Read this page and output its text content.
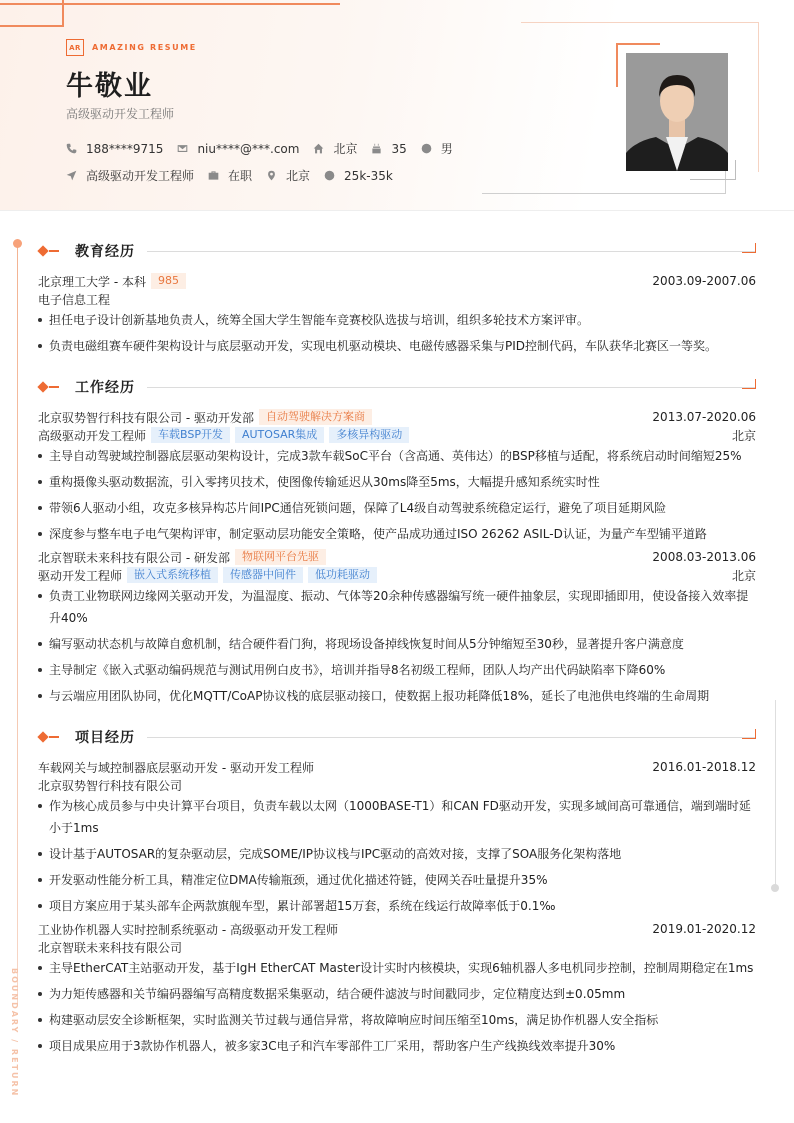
AR	AMAZING RESUME
牛敬业
高级驱动开发工程师
188****9715	niu****@***.com	北京	35	男
高级驱动开发工程师	在职	北京	25k-35k
BOUNDARY / RETURN
教育经历
北京理工大学 - 本科	985	2003.09-2007.06
电子信息工程
担任电子设计创新基地负责人，统筹全国大学生智能车竞赛校队选拔与培训，组织多轮技术方案评审。
负责电磁组赛车硬件架构设计与底层驱动开发，实现电机驱动模块、电磁传感器采集与PID控制代码，车队获华北赛区一等奖。
工作经历
北京驭势智行科技有限公司 - 驱动开发部	自动驾驶解决方案商	2013.07-2020.06
高级驱动开发工程师	车载BSP开发	AUTOSAR集成	多核异构驱动	北京
主导自动驾驶域控制器底层驱动架构设计，完成3款车载SoC平台（含高通、英伟达）的BSP移植与适配，将系统启动时间缩短25%
重构摄像头驱动数据流，引入零拷贝技术，使图像传输延迟从30ms降至5ms，大幅提升感知系统实时性
带领6人驱动小组，攻克多核异构芯片间IPC通信死锁问题，保障了L4级自动驾驶系统稳定运行，避免了项目延期风险
深度参与整车电子电气架构评审，制定驱动层功能安全策略，使产品成功通过ISO 26262 ASIL-D认证，为量产车型铺平道路
北京智联未来科技有限公司 - 研发部	物联网平台先驱	2008.03-2013.06
驱动开发工程师	嵌入式系统移植	传感器中间件	低功耗驱动	北京
负责工业物联网边缘网关驱动开发，为温湿度、振动、气体等20余种传感器编写统一硬件抽象层，实现即插即用，使设备接入效率提升40%
编写驱动状态机与故障自愈机制，结合硬件看门狗，将现场设备掉线恢复时间从5分钟缩短至30秒，显著提升客户满意度
主导制定《嵌入式驱动编码规范与测试用例白皮书》，培训并指导8名初级工程师，团队人均产出代码缺陷率下降60%
与云端应用团队协同，优化MQTT/CoAP协议栈的底层驱动接口，使数据上报功耗降低18%，延长了电池供电终端的生命周期
项目经历
车载网关与域控制器底层驱动开发 - 驱动开发工程师	2016.01-2018.12
北京驭势智行科技有限公司
作为核心成员参与中央计算平台项目，负责车载以太网（1000BASE-T1）和CAN FD驱动开发，实现多域间高可靠通信，端到端时延小于1ms
设计基于AUTOSAR的复杂驱动层，完成SOME/IP协议栈与IPC驱动的高效对接，支撑了SOA服务化架构落地
开发驱动性能分析工具，精准定位DMA传输瓶颈，通过优化描述符链，使网关吞吐量提升35%
项目方案应用于某头部车企两款旗舰车型，累计部署超15万套，系统在线运行故障率低于0.1‰
工业协作机器人实时控制系统驱动 - 高级驱动开发工程师	2019.01-2020.12
北京智联未来科技有限公司
主导EtherCAT主站驱动开发，基于IgH EtherCAT Master设计实时内核模块，实现6轴机器人多电机同步控制，控制周期稳定在1ms
为力矩传感器和关节编码器编写高精度数据采集驱动，结合硬件滤波与时间戳同步，定位精度达到±0.05mm
构建驱动层安全诊断框架，实时监测关节过载与通信异常，将故障响应时间压缩至10ms，满足协作机器人安全指标
项目成果应用于3款协作机器人，被多家3C电子和汽车零部件工厂采用，帮助客户生产线换线效率提升30%
